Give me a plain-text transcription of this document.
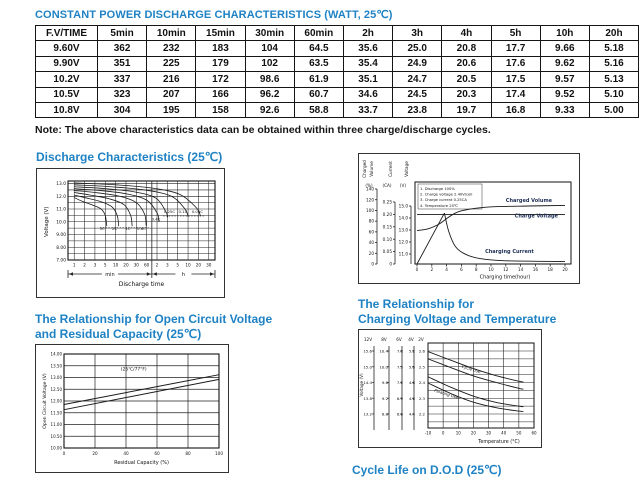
CONSTANT POWER DISCHARGE CHARACTERISTICS (WATT, 25℃)
F.V/TIME	5min	10min	15min	30min	60min	2h	3h	4h	5h	10h	20h
9.60V	362	232	183	104	64.5	35.6	25.0	20.8	17.7	9.66	5.18
9.90V	351	225	179	102	63.5	35.4	24.9	20.6	17.6	9.62	5.16
10.2V	337	216	172	98.6	61.9	35.1	24.7	20.5	17.5	9.57	5.13
10.5V	323	207	166	96.2	60.7	34.6	24.5	20.3	17.4	9.52	5.10
10.8V	304	195	158	92.6	58.8	33.7	23.8	19.7	16.8	9.33	5.00
Note: The above characteristics data can be obtained within three charge/discharge cycles.
Discharge Characteristics (25℃)
Voltage (V)
13.0
12.0
11.0
10.0
9.00
8.00
7.00
1 2 3 5 10 20 30 60 2 3 5 10 20 30
3C 2C 1C 0.6C
0.4C
0.25C 0.1C 0.05C
min	h
Discharge time
140
120
100
80
60
40
20
0
(%)
Charged Volume
0.25
0.20
0.15
0.10
0.05
0
(CA)
Current
15.0
14.0
13.0
12.0
11.0
(V)
Voltage
0	2	4	6	8	10 12 14 16 18 20
Charging time(hour)
1. Discharge 100%
2. Charge voltage 2.40V/cell
3. Charge current 0.25CA
4. Temperature 25℃
Charge Voltage
Charged Volume
Charging Current
The Relationship for Open Circuit Voltage
and Residual Capacity (25℃)
Open Circuit Voltage (V)
14.00
13.50
13.00
12.50
12.00
11.50
11.00
10.50
10.00
0	20	40	60	80	100
Residual Capacity (%)
(25℃/77°F)
The Relationship for
Charging Voltage and Temperature
Voltage (V)
12V 8V 6V 4V 2V
15.6
15.0
14.4
13.8
13.2
10.4
10.0
9.6
9.2
8.8
7.8
7.5
7.2
6.9
6.6
5.2
5.0
4.8
4.6
4.4
2.6
2.5
2.4
2.3
2.2
-10	0	10	20	30	40	50	60
Temperature (°C)
Cycle Use
Floating Use
Cycle Life on D.O.D (25℃)
